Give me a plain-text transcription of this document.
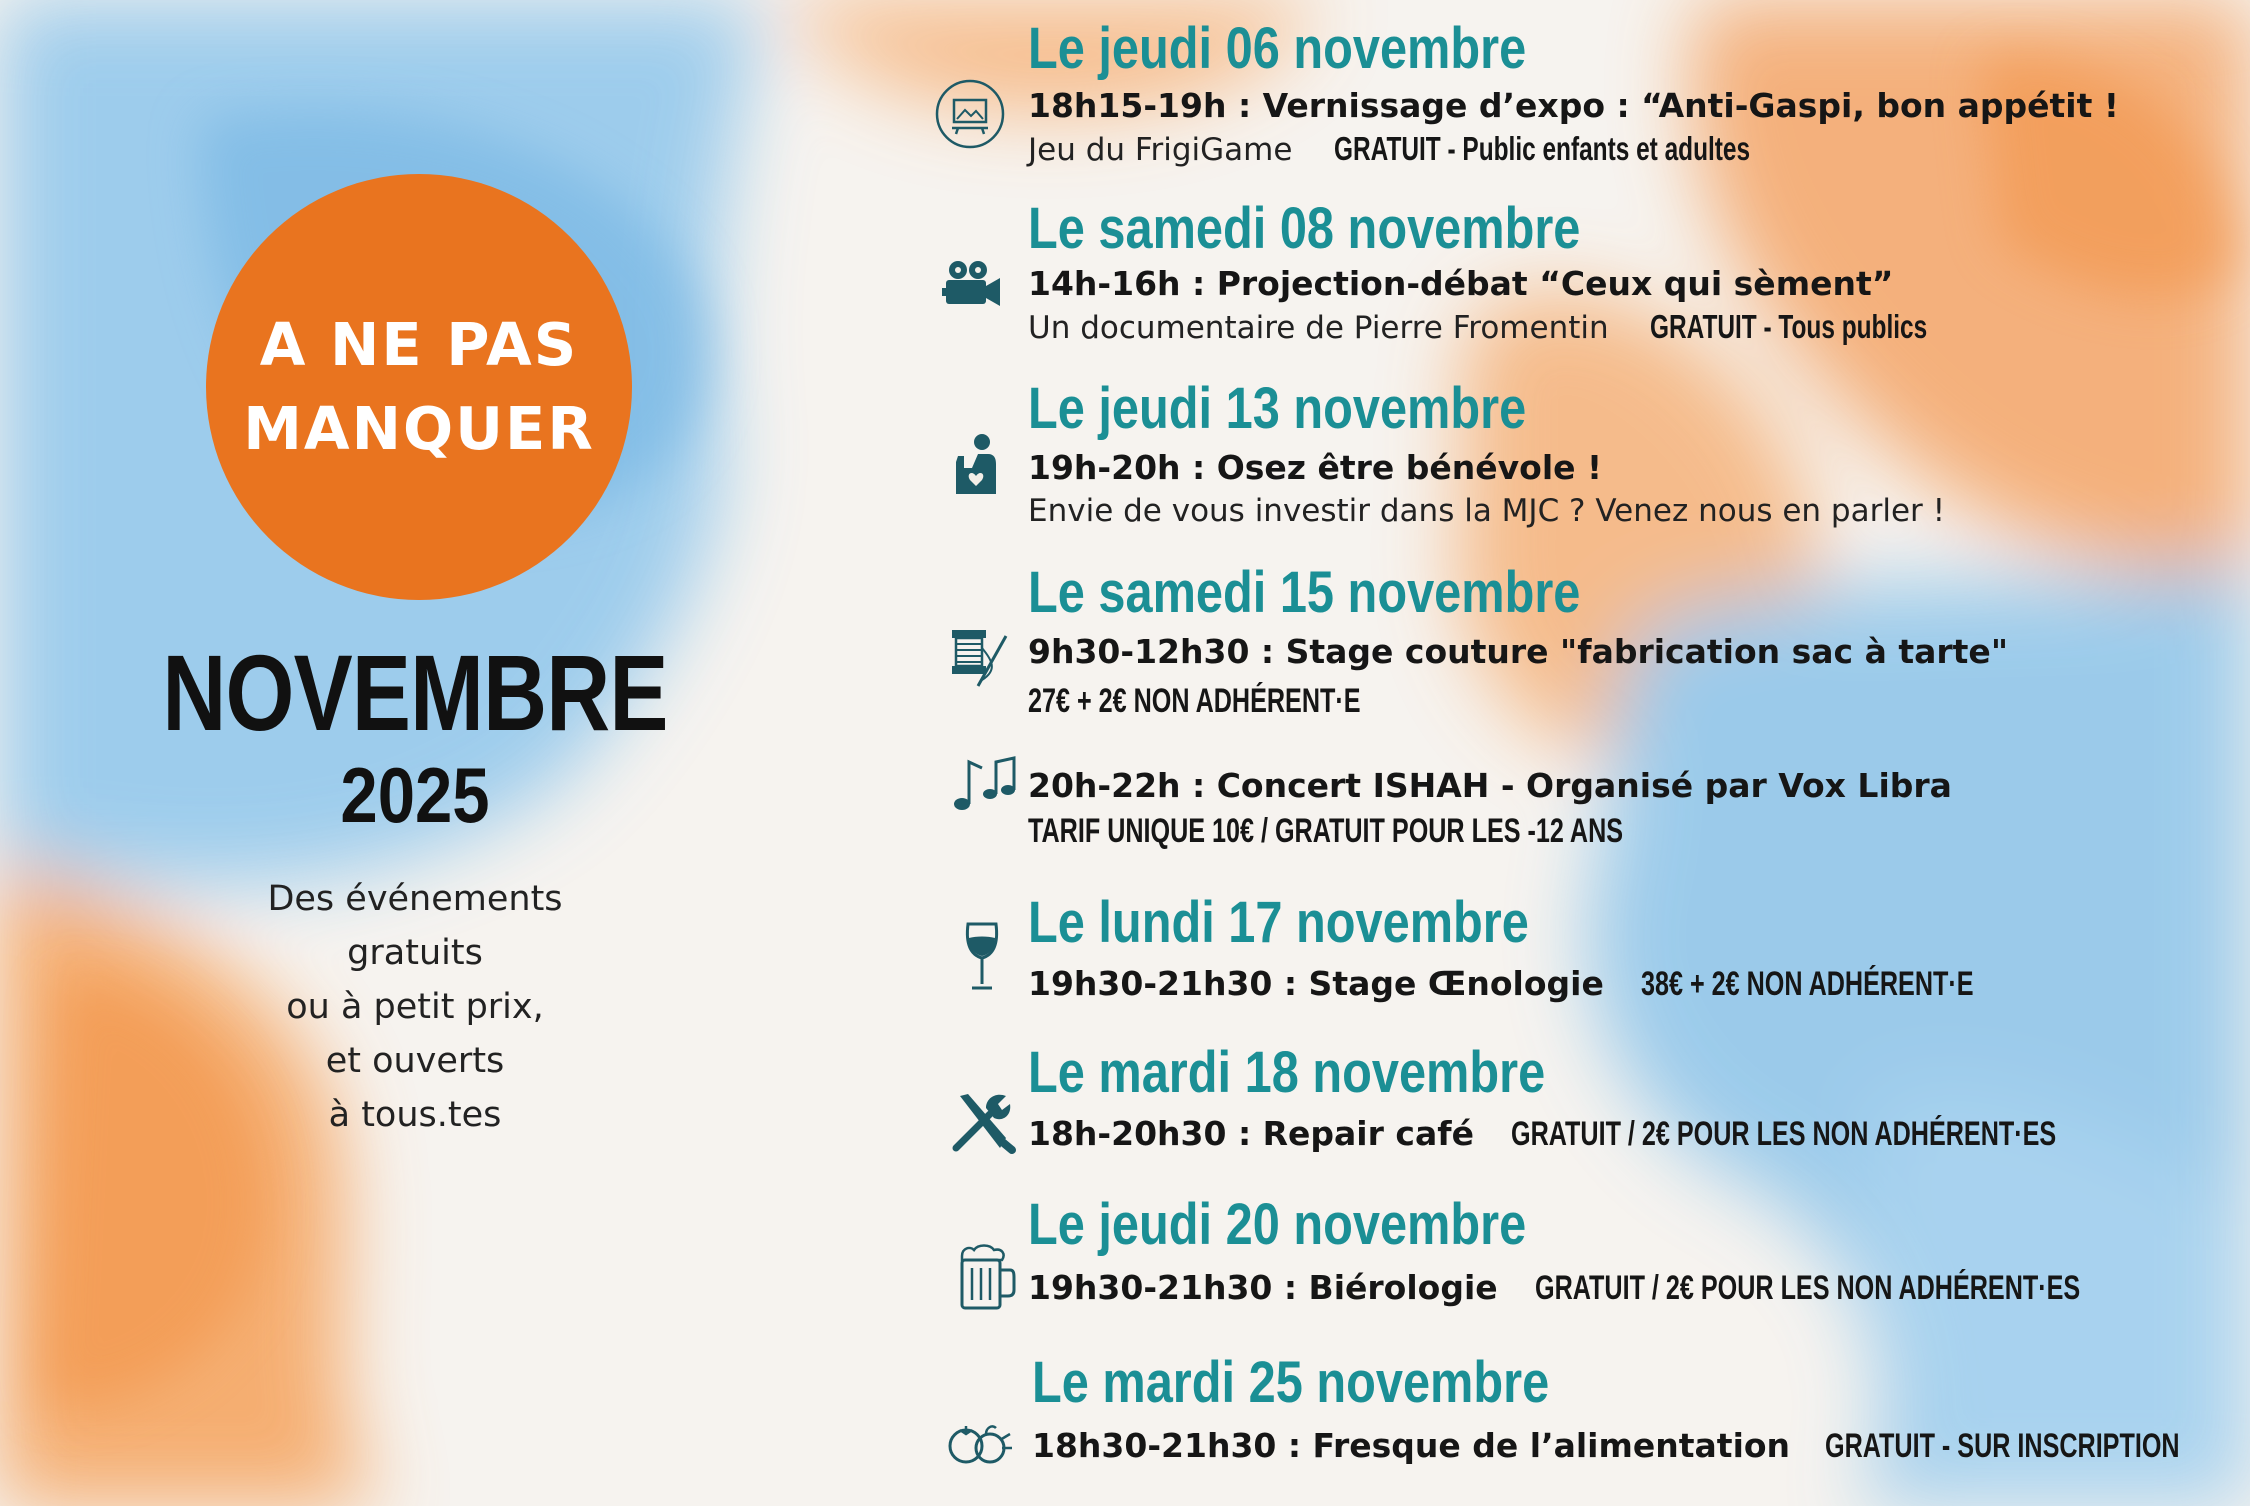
A NE PAS
MANQUER
NOVEMBRE
2025
Des événements
gratuits
ou à petit prix,
et ouverts
à tous.tes
Le jeudi 06 novembre
18h15-19h : Vernissage d’expo : “Anti-Gaspi, bon appétit !
Jeu du FrigiGame GRATUIT - Public enfants et adultes
Le samedi 08 novembre
14h-16h : Projection-débat “Ceux qui sèment”
Un documentaire de Pierre Fromentin GRATUIT - Tous publics
Le jeudi 13 novembre
19h-20h : Osez être bénévole !
Envie de vous investir dans la MJC ? Venez nous en parler !
Le samedi 15 novembre
9h30-12h30 : Stage couture "fabrication sac à tarte"
27€ + 2€ NON ADHÉRENT·E
20h-22h : Concert ISHAH - Organisé par Vox Libra
TARIF UNIQUE 10€ / GRATUIT POUR LES -12 ANS
Le lundi 17 novembre
19h30-21h30 : Stage Œnologie 38€ + 2€ NON ADHÉRENT·E
Le mardi 18 novembre
18h-20h30 : Repair café GRATUIT / 2€ POUR LES NON ADHÉRENT·ES
Le jeudi 20 novembre
19h30-21h30 : Biérologie GRATUIT / 2€ POUR LES NON ADHÉRENT·ES
Le mardi 25 novembre
18h30-21h30 : Fresque de l’alimentation GRATUIT - SUR INSCRIPTION
